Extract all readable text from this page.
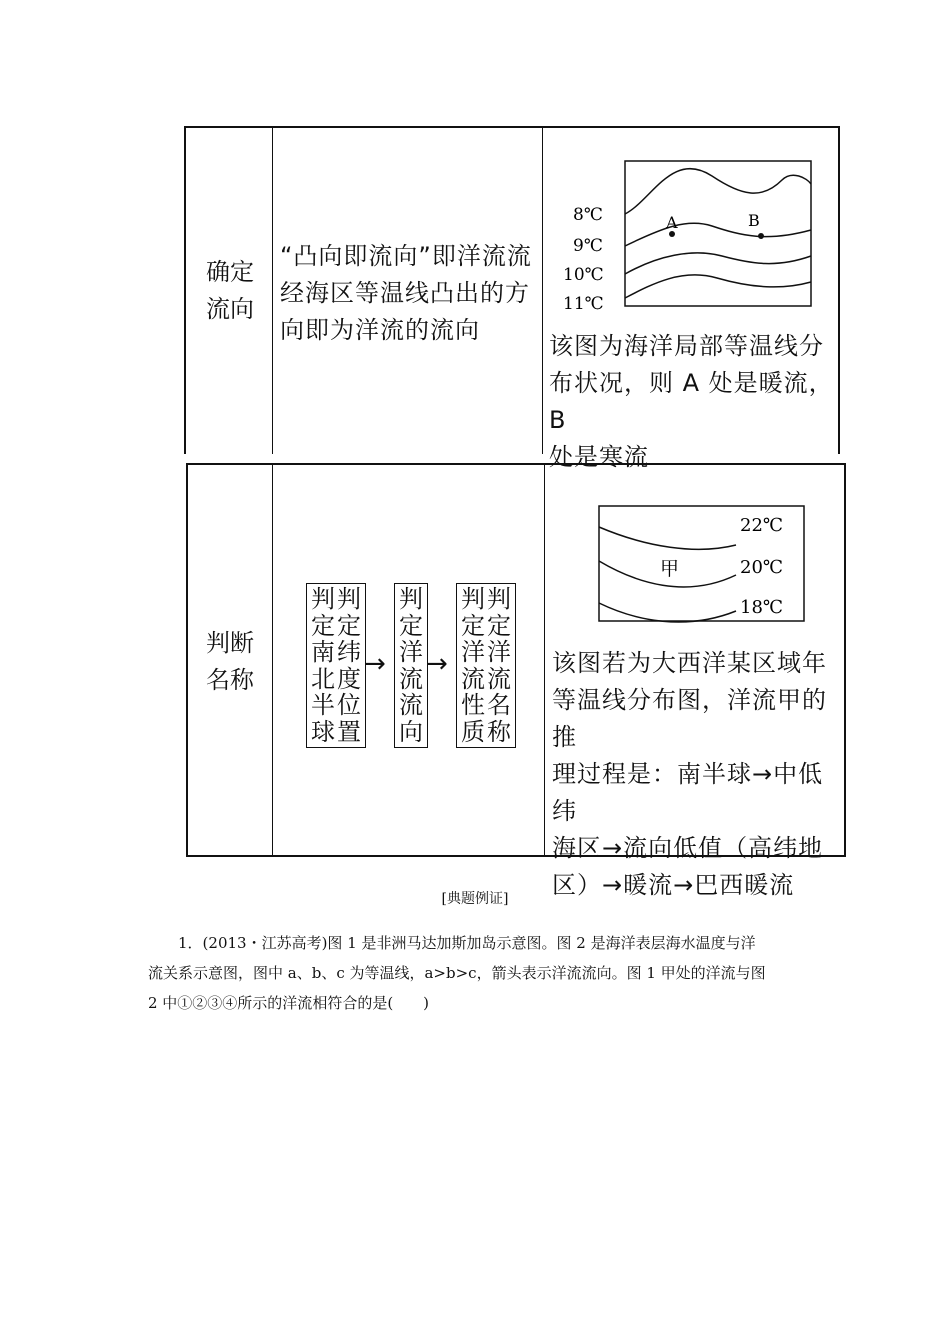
确定
流向
“凸向即流向”即洋流流
经海区等温线凸出的方
向即为洋流的流向
A	B
8℃
9℃
10℃
11℃
该图为海洋局部等温线分
布状况，则 A 处是暖流，B
处是寒流
判断
名称
判
定
南
北
半
球
判
定
纬
度
位
置
→
判
定
洋
流
流
向
→
判
定
洋
流
性
质
判
定
洋
流
名
称
22℃
20℃
18℃
甲
该图若为大西洋某区域年
等温线分布图，洋流甲的推
理过程是：南半球→中低纬
海区→流向低值（高纬地
区）→暖流→巴西暖流
[典题例证]

1．(2013・江苏高考)图 1 是非洲马达加斯加岛示意图。图 2 是海洋表层海水温度与洋

流关系示意图，图中 a、b、c 为等温线，a>b>c，箭头表示洋流流向。图 1 甲处的洋流与图

2 中①②③④所示的洋流相符合的是(　　)
